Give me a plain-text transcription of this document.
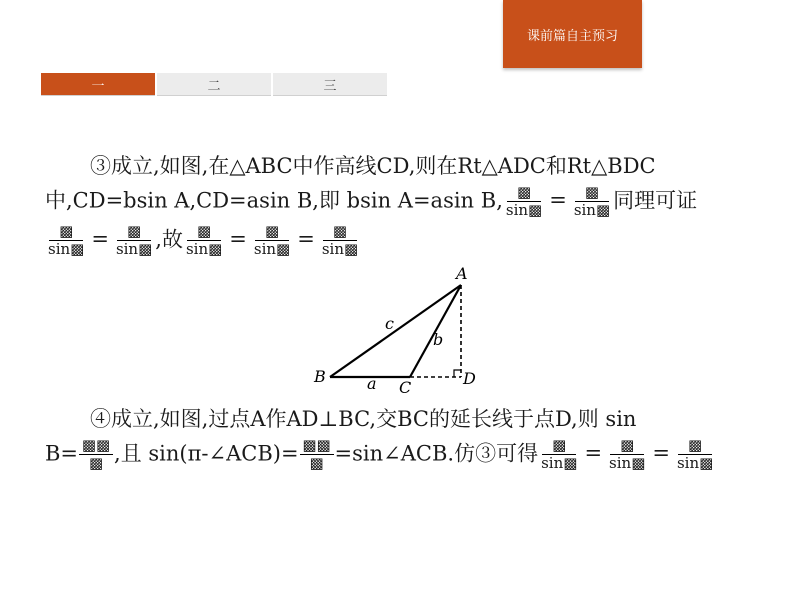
课前篇自主预习
一	二	三
③成立,如图,在△ABC中作高线CD,则在Rt△ADC和Rt△BDC
中,CD=bsin A,CD=asin B,即 bsin A=asin B, $\frac{▩}{\sin▩} = \frac{▩}{\sin▩}$ 同理可证
$\frac{▩}{\sin▩} = \frac{▩}{\sin▩}$ ,故 $\frac{▩}{\sin▩} = \frac{▩}{\sin▩} = \frac{▩}{\sin▩}$
A
B
C	D
a
b
c
④成立,如图,过点A作AD⊥BC,交BC的延长线于点D,则 sin
$B= \frac{▩▩}{▩}$ ,且 sin(π-∠ACB)= $\frac{▩▩}{▩}$ =sin∠ACB.仿③可得 $\frac{▩}{\sin▩} = \frac{▩}{\sin▩} = \frac{▩}{\sin▩}$
